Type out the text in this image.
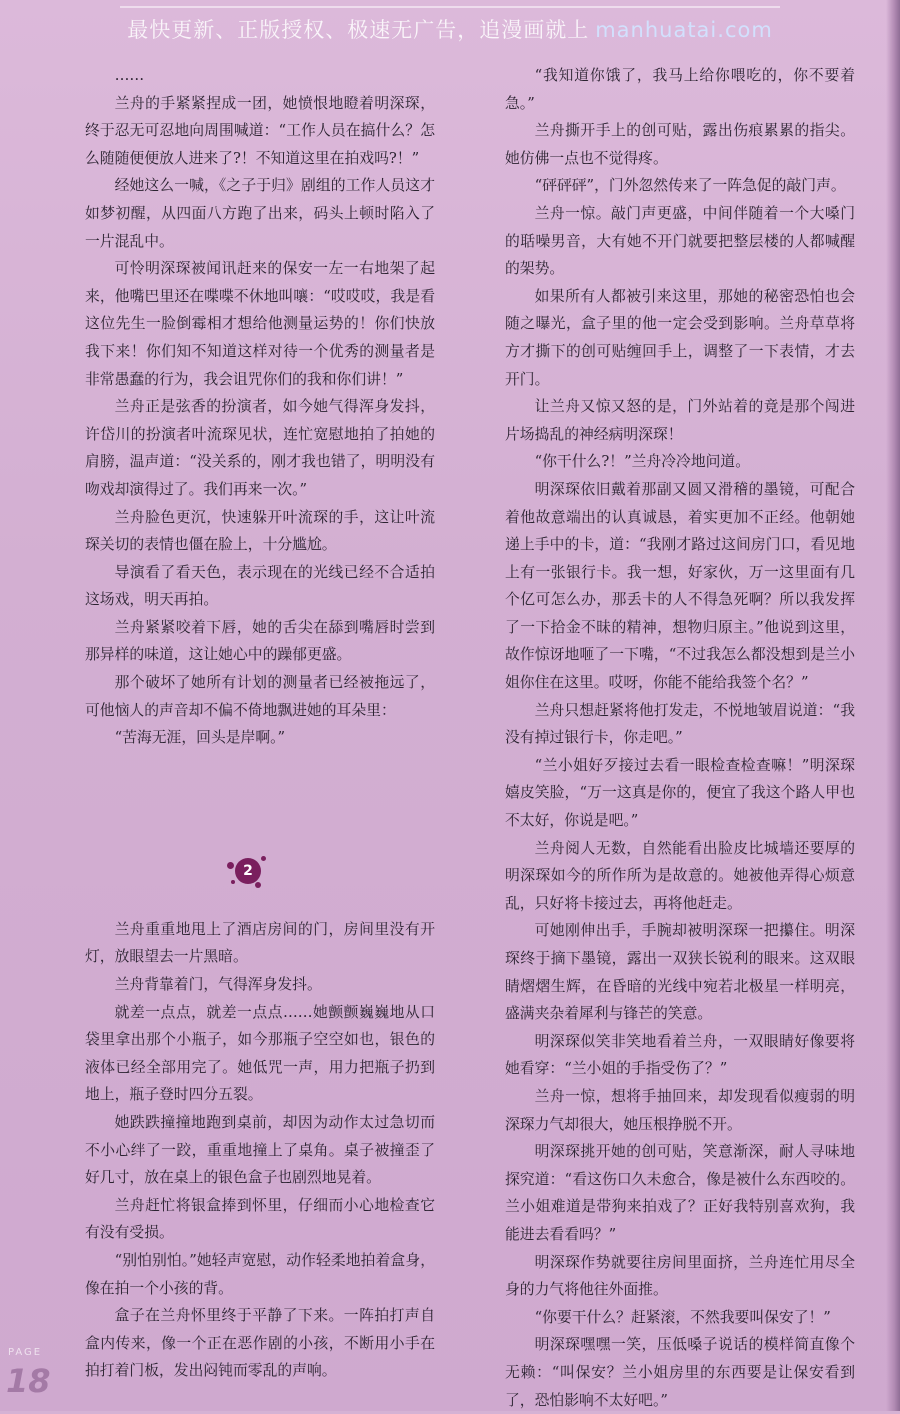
最快更新、正版授权、极速无广告，追漫画就上 manhuatai.com

……

兰舟的手紧紧捏成一团，她愤恨地瞪着明深琛，终于忍无可忍地向周围喊道：“工作人员在搞什么？怎么随随便便放人进来了?！不知道这里在拍戏吗?！”

经她这么一喊，《之子于归》剧组的工作人员这才如梦初醒，从四面八方跑了出来，码头上顿时陷入了一片混乱中。

可怜明深琛被闻讯赶来的保安一左一右地架了起来，他嘴巴里还在喋喋不休地叫嚷：“哎哎哎，我是看这位先生一脸倒霉相才想给他测量运势的！你们快放我下来！你们知不知道这样对待一个优秀的测量者是非常愚蠢的行为，我会诅咒你们的我和你们讲！”

兰舟正是弦香的扮演者，如今她气得浑身发抖，许岱川的扮演者叶流琛见状，连忙宽慰地拍了拍她的肩膀，温声道：“没关系的，刚才我也错了，明明没有吻戏却演得过了。我们再来一次。”

兰舟脸色更沉，快速躲开叶流琛的手，这让叶流琛关切的表情也僵在脸上，十分尴尬。

导演看了看天色，表示现在的光线已经不合适拍这场戏，明天再拍。

兰舟紧紧咬着下唇，她的舌尖在舔到嘴唇时尝到那异样的味道，这让她心中的躁郁更盛。

那个破坏了她所有计划的测量者已经被拖远了，可他恼人的声音却不偏不倚地飘进她的耳朵里：

“苦海无涯，回头是岸啊。”

2

兰舟重重地甩上了酒店房间的门，房间里没有开灯，放眼望去一片黑暗。

兰舟背靠着门，气得浑身发抖。

就差一点点，就差一点点……她颤颤巍巍地从口袋里拿出那个小瓶子，如今那瓶子空空如也，银色的液体已经全部用完了。她低咒一声，用力把瓶子扔到地上，瓶子登时四分五裂。

她跌跌撞撞地跑到桌前，却因为动作太过急切而不小心绊了一跤，重重地撞上了桌角。桌子被撞歪了好几寸，放在桌上的银色盒子也剧烈地晃着。

兰舟赶忙将银盒捧到怀里，仔细而小心地检查它有没有受损。

“别怕别怕。”她轻声宽慰，动作轻柔地拍着盒身，像在拍一个小孩的背。

盒子在兰舟怀里终于平静了下来。一阵拍打声自盒内传来，像一个正在恶作剧的小孩，不断用小手在拍打着门板，发出闷钝而零乱的声响。

“我知道你饿了，我马上给你喂吃的，你不要着急。”

兰舟撕开手上的创可贴，露出伤痕累累的指尖。她仿佛一点也不觉得疼。

“砰砰砰”，门外忽然传来了一阵急促的敲门声。

兰舟一惊。敲门声更盛，中间伴随着一个大嗓门的聒噪男音，大有她不开门就要把整层楼的人都喊醒的架势。

如果所有人都被引来这里，那她的秘密恐怕也会随之曝光，盒子里的他一定会受到影响。兰舟草草将方才撕下的创可贴缠回手上，调整了一下表情，才去开门。

让兰舟又惊又怒的是，门外站着的竟是那个闯进片场捣乱的神经病明深琛！

“你干什么?！”兰舟冷冷地问道。

明深琛依旧戴着那副又圆又滑稽的墨镜，可配合着他故意端出的认真诚恳，着实更加不正经。他朝她递上手中的卡，道：“我刚才路过这间房门口，看见地上有一张银行卡。我一想，好家伙，万一这里面有几个亿可怎么办，那丢卡的人不得急死啊？所以我发挥了一下拾金不昧的精神，想物归原主。”他说到这里，故作惊讶地咂了一下嘴，“不过我怎么都没想到是兰小姐你住在这里。哎呀，你能不能给我签个名？”

兰舟只想赶紧将他打发走，不悦地皱眉说道：“我没有掉过银行卡，你走吧。”

“兰小姐好歹接过去看一眼检查检查嘛！”明深琛嬉皮笑脸，“万一这真是你的，便宜了我这个路人甲也不太好，你说是吧。”

兰舟阅人无数，自然能看出脸皮比城墙还要厚的明深琛如今的所作所为是故意的。她被他弄得心烦意乱，只好将卡接过去，再将他赶走。

可她刚伸出手，手腕却被明深琛一把攥住。明深琛终于摘下墨镜，露出一双狭长锐利的眼来。这双眼睛熠熠生辉，在昏暗的光线中宛若北极星一样明亮，盛满夹杂着犀利与锋芒的笑意。

明深琛似笑非笑地看着兰舟，一双眼睛好像要将她看穿：“兰小姐的手指受伤了？”

兰舟一惊，想将手抽回来，却发现看似瘦弱的明深琛力气却很大，她压根挣脱不开。

明深琛挑开她的创可贴，笑意渐深，耐人寻味地探究道：“看这伤口久未愈合，像是被什么东西咬的。兰小姐难道是带狗来拍戏了？正好我特别喜欢狗，我能进去看看吗？”

明深琛作势就要往房间里面挤，兰舟连忙用尽全身的力气将他往外面推。

“你要干什么？赶紧滚，不然我要叫保安了！”

明深琛嘿嘿一笑，压低嗓子说话的模样简直像个无赖：“叫保安？兰小姐房里的东西要是让保安看到了，恐怕影响不太好吧。”

PAGE
18
